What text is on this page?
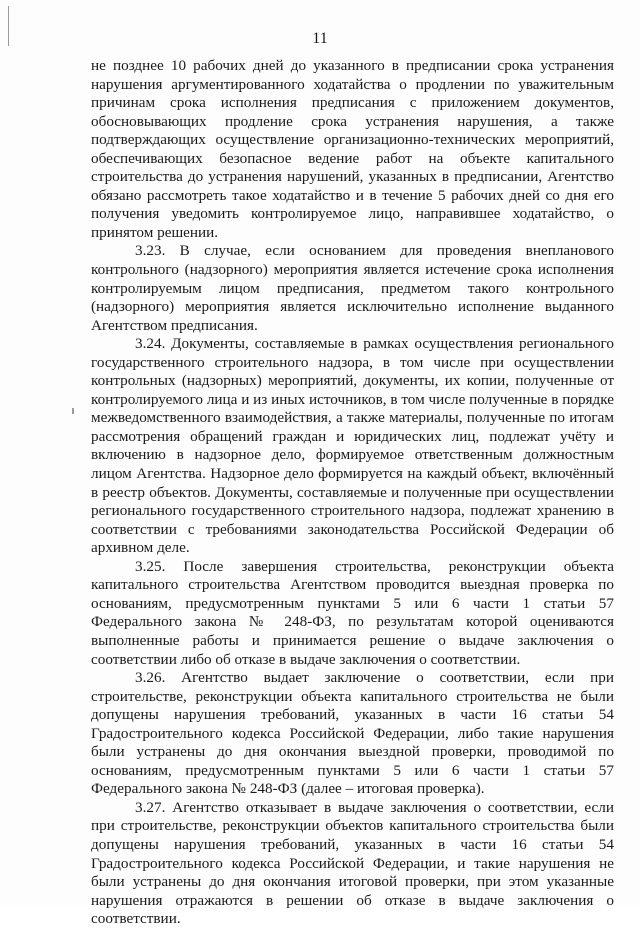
11

не позднее 10 рабочих дней до указанного в предписании срока устранения нарушения аргументированного ходатайства о продлении по уважительным причинам срока исполнения предписания с приложением документов, обосновывающих продление срока устранения нарушения, а также подтверждающих осуществление организационно-технических мероприятий, обеспечивающих безопасное ведение работ на объекте капитального строительства до устранения нарушений, указанных в предписании, Агентство обязано рассмотреть такое ходатайство и в течение 5 рабочих дней со дня его получения уведомить контролируемое лицо, направившее ходатайство, о принятом решении.

3.23. В случае, если основанием для проведения внепланового контрольного (надзорного) мероприятия является истечение срока исполнения контролируемым лицом предписания, предметом такого контрольного (надзорного) мероприятия является исключительно исполнение выданного Агентством предписания.

3.24. Документы, составляемые в рамках осуществления регионального государственного строительного надзора, в том числе при осуществлении контрольных (надзорных) мероприятий, документы, их копии, полученные от контролируемого лица и из иных источников, в том числе полученные в порядке межведомственного взаимодействия, а также материалы, полученные по итогам рассмотрения обращений граждан и юридических лиц, подлежат учёту и включению в надзорное дело, формируемое ответственным должностным лицом Агентства. Надзорное дело формируется на каждый объект, включённый в реестр объектов. Документы, составляемые и полученные при осуществлении регионального государственного строительного надзора, подлежат хранению в соответствии с требованиями законодательства Российской Федерации об архивном деле.

3.25. После завершения строительства, реконструкции объекта капитального строительства Агентством проводится выездная проверка по основаниям, предусмотренным пунктами 5 или 6 части 1 статьи 57 Федерального закона № 248-ФЗ, по результатам которой оцениваются выполненные работы и принимается решение о выдаче заключения о соответствии либо об отказе в выдаче заключения о соответствии.

3.26. Агентство выдает заключение о соответствии, если при строительстве, реконструкции объекта капитального строительства не были допущены нарушения требований, указанных в части 16 статьи 54 Градостроительного кодекса Российской Федерации, либо такие нарушения были устранены до дня окончания выездной проверки, проводимой по основаниям, предусмотренным пунктами 5 или 6 части 1 статьи 57 Федерального закона № 248-ФЗ (далее – итоговая проверка).

3.27. Агентство отказывает в выдаче заключения о соответствии, если при строительстве, реконструкции объектов капитального строительства были допущены нарушения требований, указанных в части 16 статьи 54 Градостроительного кодекса Российской Федерации, и такие нарушения не были устранены до дня окончания итоговой проверки, при этом указанные нарушения отражаются в решении об отказе в выдаче заключения о соответствии.
